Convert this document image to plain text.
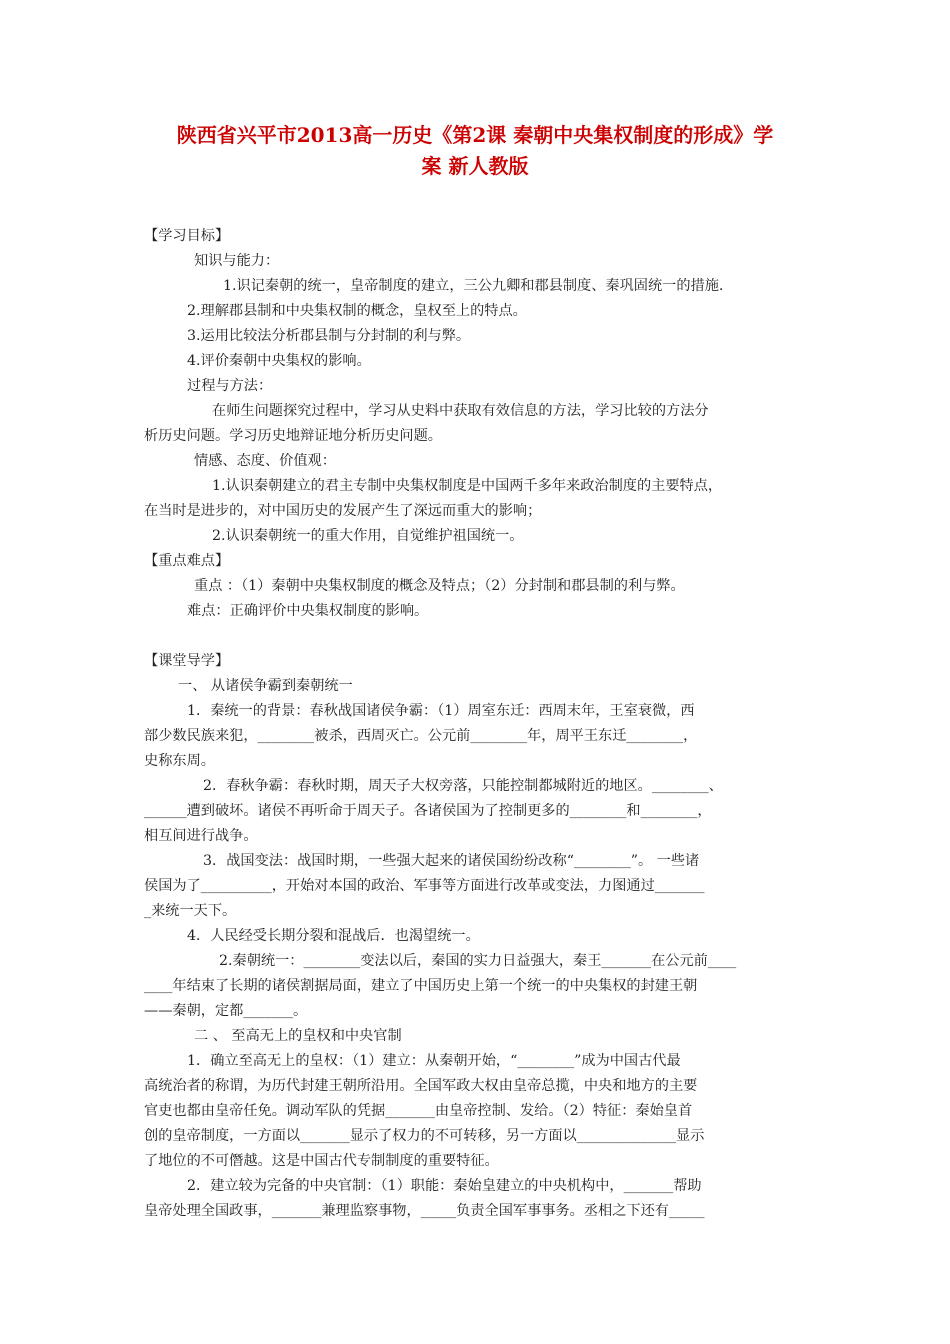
陕西省兴平市2013高一历史《第2课 秦朝中央集权制度的形成》学
案 新人教版
【学习目标】
知识与能力：
1.识记秦朝的统一，皇帝制度的建立，三公九卿和郡县制度、秦巩固统一的措施.
2.理解郡县制和中央集权制的概念，皇权至上的特点。
3.运用比较法分析郡县制与分封制的利与弊。
4.评价秦朝中央集权的影响。
过程与方法：
在师生问题探究过程中，学习从史料中获取有效信息的方法，学习比较的方法分
析历史问题。学习历史地辩证地分析历史问题。
情感、态度、价值观：
1.认识秦朝建立的君主专制中央集权制度是中国两千多年来政治制度的主要特点，
在当时是进步的，对中国历史的发展产生了深远而重大的影响；
2.认识秦朝统一的重大作用，自觉维护祖国统一。
【重点难点】
重点 ：（1）秦朝中央集权制度的概念及特点；（2）分封制和郡县制的利与弊。
难点：正确评价中央集权制度的影响。
【课堂导学】
一、 从诸侯争霸到秦朝统一
1．秦统一的背景：春秋战国诸侯争霸：（1）周室东迁：西周末年，王室衰微，西
部少数民族来犯，________被杀，西周灭亡。公元前________年，周平王东迁________，
史称东周。
2．春秋争霸：春秋时期，周天子大权旁落，只能控制都城附近的地区。________、
______遭到破坏。诸侯不再听命于周天子。各诸侯国为了控制更多的________和________，
相互间进行战争。
3．战国变法：战国时期，一些强大起来的诸侯国纷纷改称“________”。 一些诸
侯国为了__________，开始对本国的政治、军事等方面进行改革或变法，力图通过_______
_来统一天下。
4．人民经受长期分裂和混战后．也渴望统一。
2.秦朝统一：________变法以后，秦国的实力日益强大，秦王_______在公元前____
____年结束了长期的诸侯割据局面，建立了中国历史上第一个统一的中央集权的封建王朝
——秦朝，定都_______。
二 、 至高无上的皇权和中央官制
1．确立至高无上的皇权：（1）建立：从秦朝开始，“________”成为中国古代最
高统治者的称谓，为历代封建王朝所沿用。全国军政大权由皇帝总揽，中央和地方的主要
官吏也都由皇帝任免。调动军队的凭据_______由皇帝控制、发给。（2）特征：秦始皇首
创的皇帝制度，一方面以_______显示了权力的不可转移，另一方面以______________显示
了地位的不可僭越。这是中国古代专制制度的重要特征。
2．建立较为完备的中央官制：（1）职能：秦始皇建立的中央机构中，_______帮助
皇帝处理全国政事，_______兼理监察事物，_____负责全国军事事务。丞相之下还有_____
